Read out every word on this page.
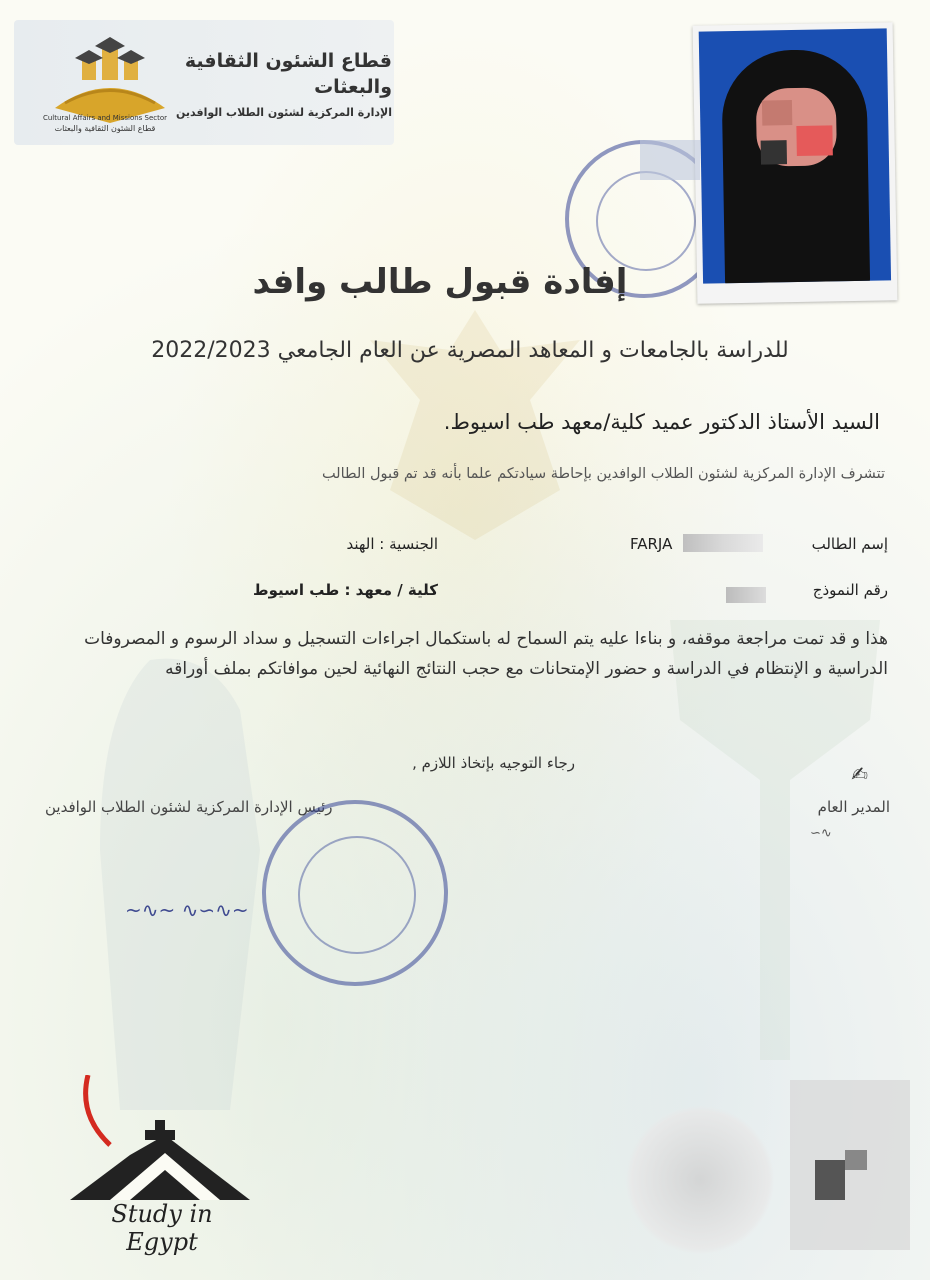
Cultural Affairs and Missions Sector
قطاع الشئون الثقافية والبعثات
قطاع الشئون الثقافية
والبعثات
الإدارة المركزية لشئون الطلاب الوافدين
إفادة قبول طالب وافد
للدراسة بالجامعات و المعاهد المصرية عن العام الجامعي 2022/2023
السيد الأستاذ الدكتور عميد كلية/معهد طب اسيوط.
تتشرف الإدارة المركزية لشئون الطلاب الوافدين بإحاطة سيادتكم علما بأنه قد تم قبول الطالب
إسم الطالب
FARJA
الجنسية : الهند
رقم النموذج
كلية / معهد : طب اسيوط
هذا و قد تمت مراجعة موقفه، و بناءا عليه يتم السماح له باستكمال اجراءات التسجيل و سداد الرسوم و المصروفات الدراسية و الإنتظام في الدراسة و حضور الإمتحانات مع حجب النتائج النهائية لحين موافاتكم بملف أوراقه
رجاء التوجيه بإتخاذ اللازم ,	✍
المدير العام
∽∿
رئيس الإدارة المركزية لشئون الطلاب الوافدين
~∿~ ∿∽∿~
Study in Egypt
